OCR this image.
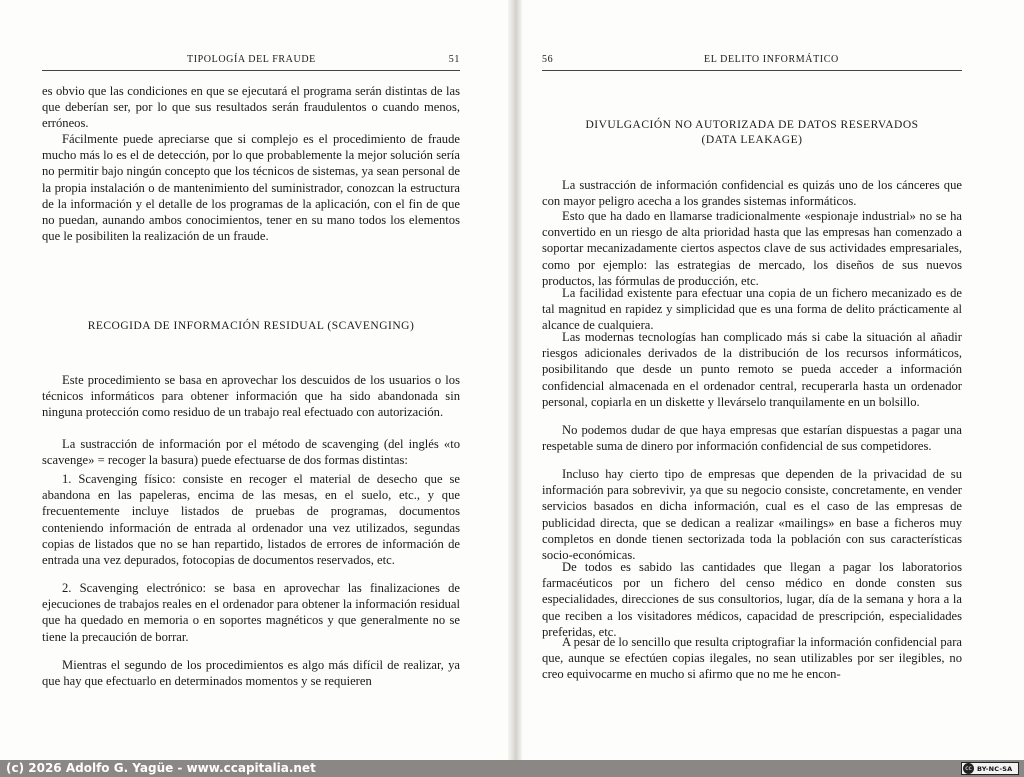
TIPOLOGÍA DEL FRAUDE	51

es obvio que las condiciones en que se ejecutará el programa serán distintas de las que deberían ser, por lo que sus resultados serán fraudulentos o cuando menos, erróneos.

Fácilmente puede apreciarse que si complejo es el procedimiento de fraude mucho más lo es el de detección, por lo que probablemente la mejor solución sería no permitir bajo ningún concepto que los técnicos de sistemas, ya sean personal de la propia instalación o de mantenimiento del suministrador, conozcan la estructura de la información y el detalle de los programas de la aplicación, con el fin de que no puedan, aunando ambos conocimientos, tener en su mano todos los elementos que le posibiliten la realización de un fraude.

RECOGIDA DE INFORMACIÓN RESIDUAL (SCAVENGING)

Este procedimiento se basa en aprovechar los descuidos de los usuarios o los técnicos informáticos para obtener información que ha sido abandonada sin ninguna protección como residuo de un trabajo real efectuado con autorización.

La sustracción de información por el método de scavenging (del inglés «to scavenge» = recoger la basura) puede efectuarse de dos formas distintas:

1. Scavenging físico: consiste en recoger el material de desecho que se abandona en las papeleras, encima de las mesas, en el suelo, etc., y que frecuentemente incluye listados de pruebas de programas, documentos conteniendo información de entrada al ordenador una vez utilizados, segundas copias de listados que no se han repartido, listados de errores de información de entrada una vez depurados, fotocopias de documentos reservados, etc.

2. Scavenging electrónico: se basa en aprovechar las finalizaciones de ejecuciones de trabajos reales en el ordenador para obtener la información residual que ha quedado en memoria o en soportes magnéticos y que generalmente no se tiene la precaución de borrar.

Mientras el segundo de los procedimientos es algo más difícil de realizar, ya que hay que efectuarlo en determinados momentos y se requieren

56	EL DELITO INFORMÁTICO
DIVULGACIÓN NO AUTORIZADA DE DATOS RESERVADOS
(DATA LEAKAGE)

La sustracción de información confidencial es quizás uno de los cánceres que con mayor peligro acecha a los grandes sistemas informáticos.

Esto que ha dado en llamarse tradicionalmente «espionaje industrial» no se ha convertido en un riesgo de alta prioridad hasta que las empresas han comenzado a soportar mecanizadamente ciertos aspectos clave de sus actividades empresariales, como por ejemplo: las estrategias de mercado, los diseños de sus nuevos productos, las fórmulas de producción, etc.

La facilidad existente para efectuar una copia de un fichero mecanizado es de tal magnitud en rapidez y simplicidad que es una forma de delito prácticamente al alcance de cualquiera.

Las modernas tecnologías han complicado más si cabe la situación al añadir riesgos adicionales derivados de la distribución de los recursos informáticos, posibilitando que desde un punto remoto se pueda acceder a información confidencial almacenada en el ordenador central, recuperarla hasta un ordenador personal, copiarla en un diskette y llevárselo tranquilamente en un bolsillo.

No podemos dudar de que haya empresas que estarían dispuestas a pagar una respetable suma de dinero por información confidencial de sus competidores.

Incluso hay cierto tipo de empresas que dependen de la privacidad de su información para sobrevivir, ya que su negocio consiste, concretamente, en vender servicios basados en dicha información, cual es el caso de las empresas de publicidad directa, que se dedican a realizar «mailings» en base a ficheros muy completos en donde tienen sectorizada toda la población con sus características socio-económicas.

De todos es sabido las cantidades que llegan a pagar los laboratorios farmacéuticos por un fichero del censo médico en donde consten sus especialidades, direcciones de sus consultorios, lugar, día de la semana y hora a la que reciben a los visitadores médicos, capacidad de prescripción, especialidades preferidas, etc.

A pesar de lo sencillo que resulta criptografiar la información confidencial para que, aunque se efectúen copias ilegales, no sean utilizables por ser ilegibles, no creo equivocarme en mucho si afirmo que no me he encon-

(c) 2026 Adolfo G. Yagüe - www.ccapitalia.net	cc BY-NC-SA
